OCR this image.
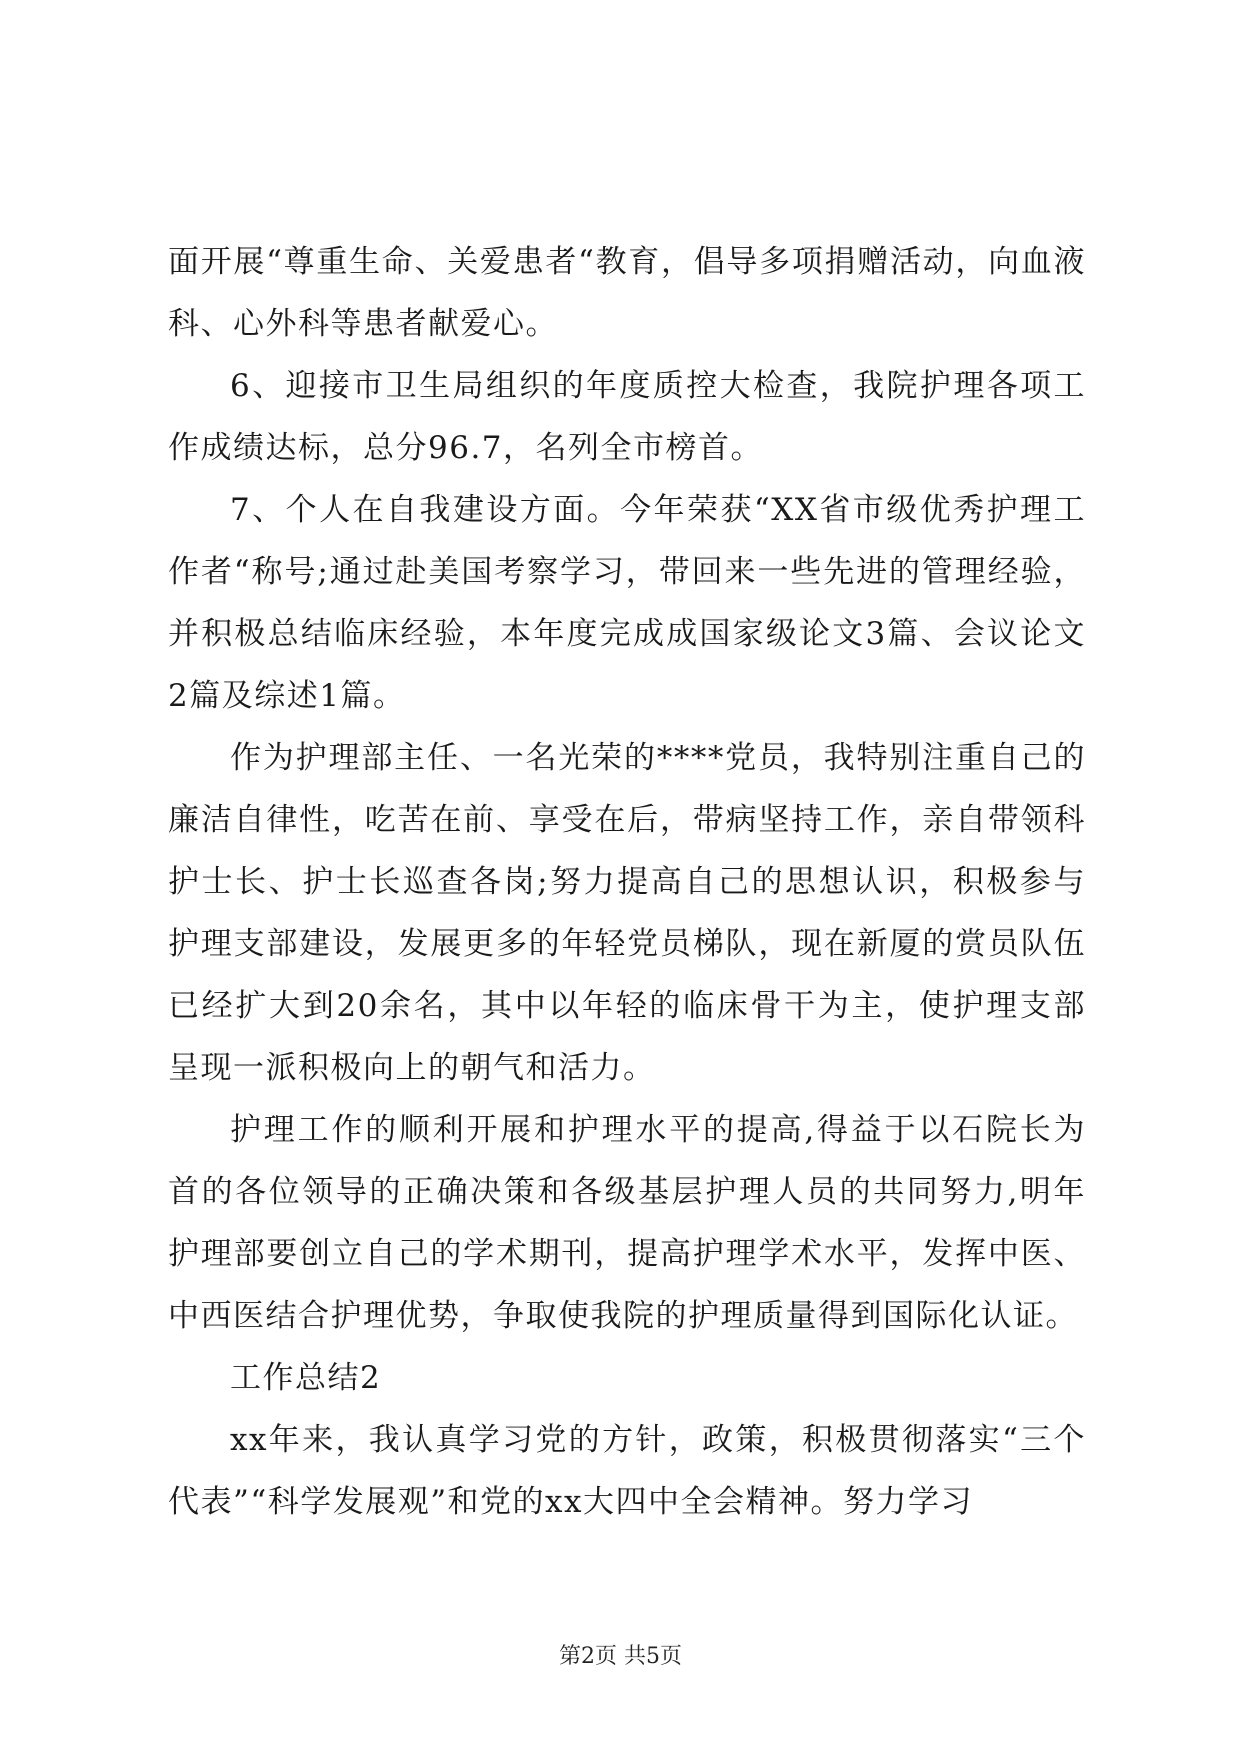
面开展“尊重生命、关爱患者“教育，倡导多项捐赠活动，向血液科、心外科等患者献爱心。

6、迎接市卫生局组织的年度质控大检查，我院护理各项工作成绩达标，总分96.7，名列全市榜首。

7、个人在自我建设方面。今年荣获“XX省市级优秀护理工作者“称号;通过赴美国考察学习，带回来一些先进的管理经验，并积极总结临床经验，本年度完成成国家级论文3篇、会议论文2篇及综述1篇。

作为护理部主任、一名光荣的****党员，我特别注重自己的廉洁自律性，吃苦在前、享受在后，带病坚持工作，亲自带领科护士长、护士长巡查各岗;努力提高自己的思想认识，积极参与护理支部建设，发展更多的年轻党员梯队，现在新厦的赏员队伍已经扩大到20余名，其中以年轻的临床骨干为主，使护理支部呈现一派积极向上的朝气和活力。

护理工作的顺利开展和护理水平的提高,得益于以石院长为首的各位领导的正确决策和各级基层护理人员的共同努力,明年护理部要创立自己的学术期刊，提高护理学术水平，发挥中医、中西医结合护理优势，争取使我院的护理质量得到国际化认证。

工作总结2

xx年来，我认真学习党的方针，政策，积极贯彻落实“三个代表”“科学发展观”和党的xx大四中全会精神。努力学习

第2页 共5页
